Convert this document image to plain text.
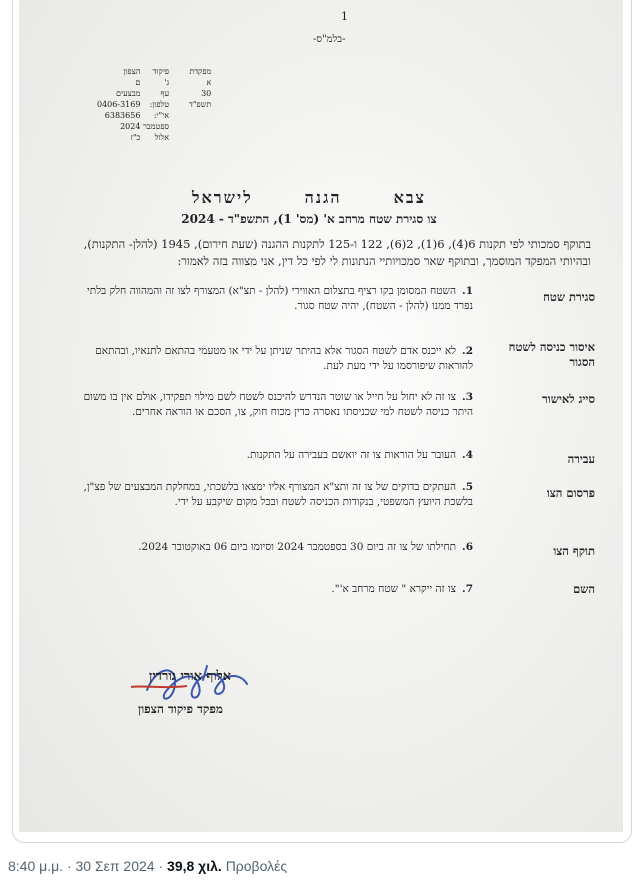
1
-בלמ"ס-
הצפון
ם
מבצעים
0406-3169
6383656
2024
כ"ז
פיקוד
ג'
עף
טלפון:
אי"י:
ספטמבר
אלול
מפקדת
א
30
תשפ"ד
צבאהגנהלישראל
צו סגירת שטח מרחב א' (מס' 1), התשפ"ד - 2024
בתוקף סמכותי לפי תקנות 6(4), 6(1), 2(6), 122 ו-125 לתקנות ההגנה (שעת חירום), 1945 (להלן- התקנות), ובהיותי המפקד המוסמך, ובתוקף שאר סמכויותיי הנתונות לי לפי כל דין, אני מצווה בזה לאמור:
סגירת שטח
1.השטח המסומן בקו רציף בתצלום האווירי (להלן - תצ"א) המצורף לצו זה והמהווה חלק בלתי נפרד ממנו (להלן - השטח), יהיה שטח סגור.
איסור כניסה לשטח הסגור
2.לא ייכנס אדם לשטח הסגור אלא בהיתר שניתן על ידי או מטעמי בהתאם לתנאיו, ובהתאם להוראות שיפורסמו על ידי מעת לעת.
סייג לאישור
3.צו זה לא יחול על חייל או שוטר הנדרש להיכנס לשטח לשם מילוי תפקידו, אולם אין בו משום היתר כניסה לשטח למי שכניסתו נאסרה כדין מכוח חוק, צו, הסכם או הוראה אחרים.
עבירה
4.העובר על הוראות צו זה יואשם בעבירה על התקנות.
פרסום הצו
5.העתקים בדוקים של צו זה ותצ"א המצורף אליו ימצאו בלשכתי, במחלקת המבצעים של פצ"ן, בלשכת היועץ המשפטי, בנקודות הכניסה לשטח ובכל מקום שיקבע על ידי.
תוקף הצו
6.תחילתו של צו זה ביום 30 בספטמבר 2024 וסיומו ביום 06 באוקטובר 2024.
השם
7.צו זה ייקרא " שטח מרחב א'".
אלוף אורי גורדין
מפקד פיקוד הצפון
8:40 μ.μ. · 30 Σεπ 2024 · 39,8 χιλ. Προβολές
